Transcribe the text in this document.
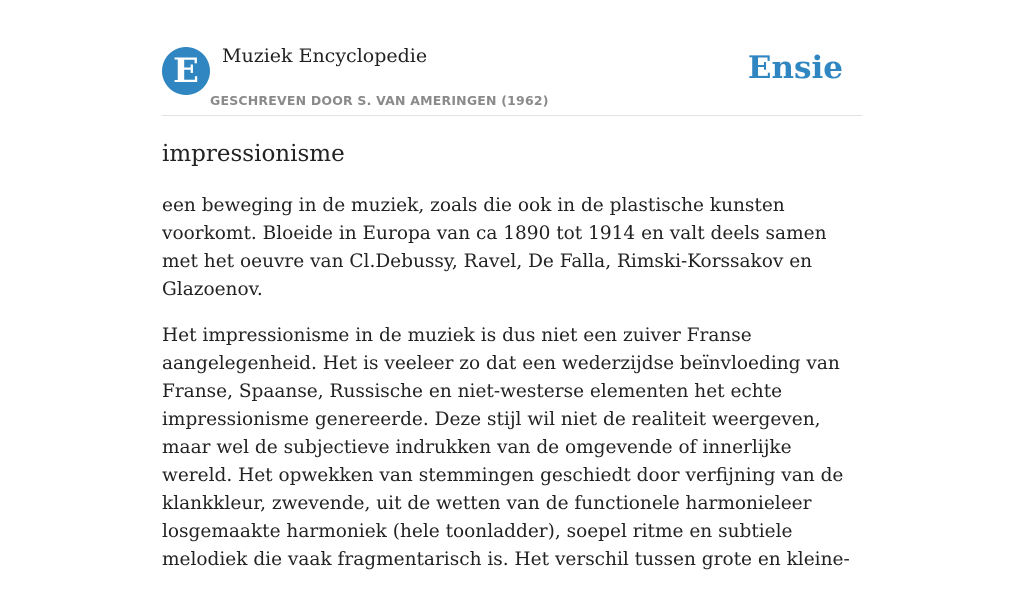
E	Muziek Encyclopedie
GESCHREVEN DOOR S. VAN AMERINGEN (1962)
Ensie
impressionisme

een beweging in de muziek, zoals die ook in de plastische kunsten voorkomt. Bloeide in Europa van ca 1890 tot 1914 en valt deels samen met het oeuvre van Cl.Debussy, Ravel, De Falla, Rimski-Korssakov en Glazoenov.

Het impressionisme in de muziek is dus niet een zuiver Franse aangelegenheid. Het is veeleer zo dat een wederzijdse beïnvloeding van Franse, Spaanse, Russische en niet-westerse elementen het echte impressionisme genereerde. Deze stijl wil niet de realiteit weergeven, maar wel de subjectieve indrukken van de omgevende of innerlijke wereld. Het opwekken van stemmingen geschiedt door verfijning van de klankkleur, zwevende, uit de wetten van de functionele harmonieleer losgemaakte harmoniek (hele toonladder), soepel ritme en subtiele melodiek die vaak fragmentarisch is. Het verschil tussen grote en kleine-
